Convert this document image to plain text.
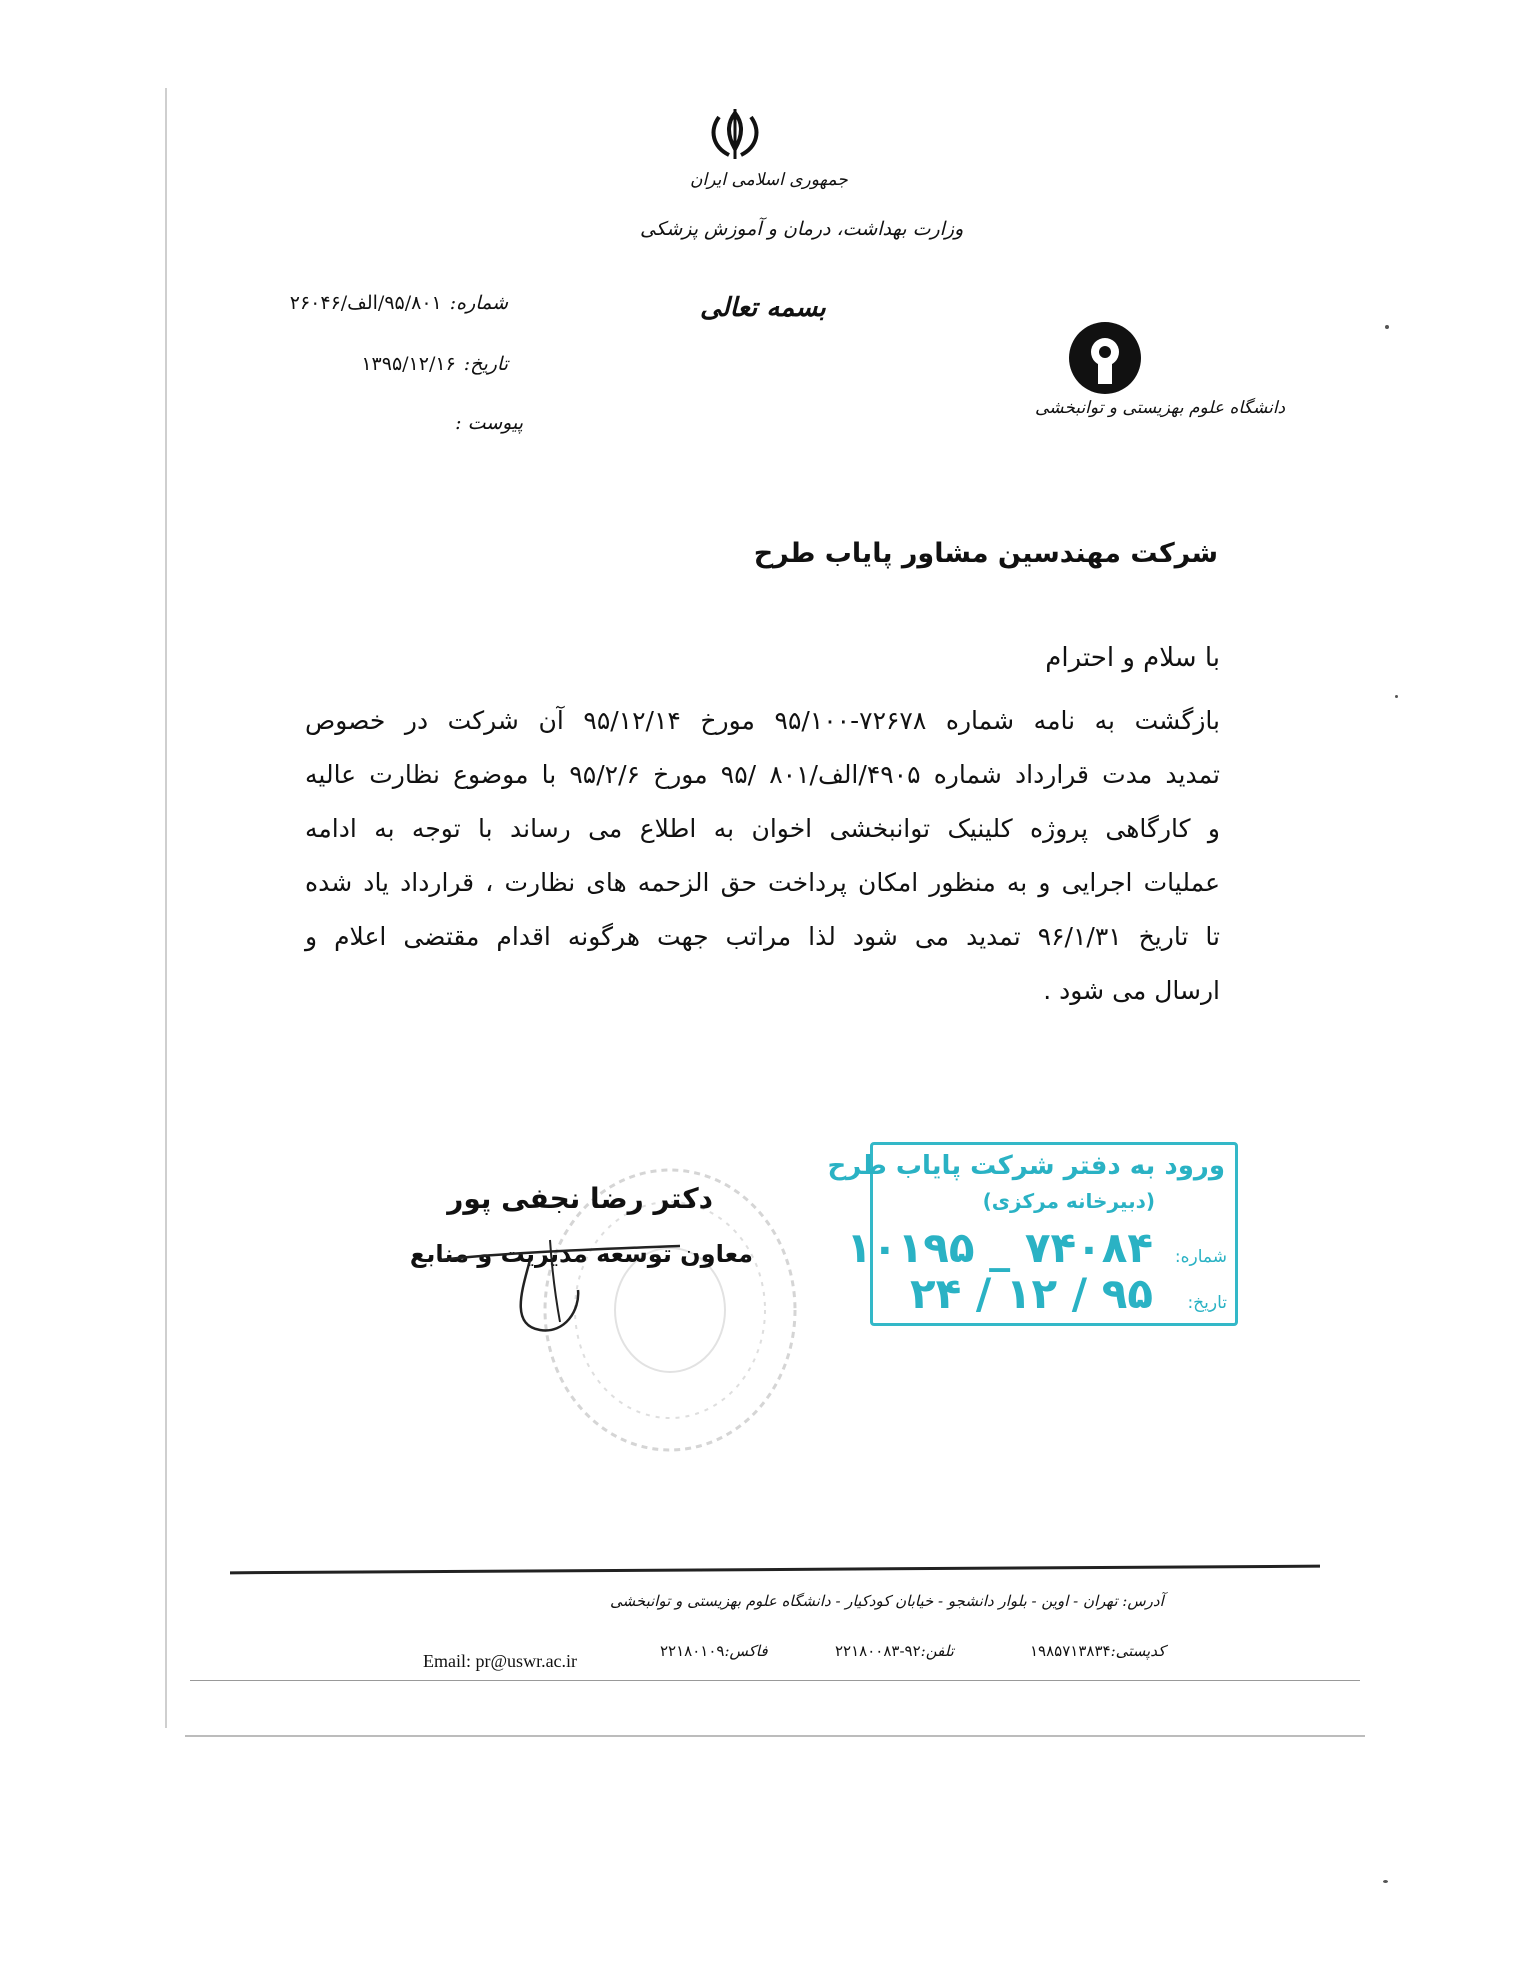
جمهوری اسلامی ایران
وزارت بهداشت، درمان و آموزش پزشکی
بسمه تعالی
دانشگاه علوم بهزیستی و توانبخشی
شماره:۹۵/۸۰۱/الف/۲۶۰۴۶
تاریخ:۱۳۹۵/۱۲/۱۶
پیوست :
شرکت مهندسین مشاور پایاب طرح
با سلام و احترام
بازگشت به نامه شماره ۷۲۶۷۸-۹۵/۱۰۰ مورخ ۹۵/۱۲/۱۴ آن شرکت در خصوص
تمدید مدت قرارداد شماره ۴۹۰۵/الف/۸۰۱ /۹۵ مورخ ۹۵/۲/۶ با موضوع نظارت عالیه
و کارگاهی پروژه کلینیک توانبخشی اخوان به اطلاع می رساند با توجه به ادامه
عملیات اجرایی و به منظور امکان پرداخت حق الزحمه های نظارت ، قرارداد یاد شده
تا تاریخ ۹۶/۱/۳۱ تمدید می شود لذا مراتب جهت هرگونه اقدام مقتضی اعلام و
ارسال می شود .
دکتر رضا نجفی پور
معاون توسعه مدیریت و منابع
ورود به دفتر شرکت پایاب طرح
(دبیرخانه مرکزی)
شماره:۷۴۰۸۴ _ ۱۰۱۹۵
تاریخ:۹۵ / ۱۲ / ۲۴
آدرس: تهران - اوین - بلوار دانشجو - خیابان کودکیار - دانشگاه علوم بهزیستی و توانبخشی
کدپستی:۱۹۸۵۷۱۳۸۳۴
تلفن:۹۲-۲۲۱۸۰۰۸۳
فاکس:۲۲۱۸۰۱۰۹
Email: pr@uswr.ac.ir
